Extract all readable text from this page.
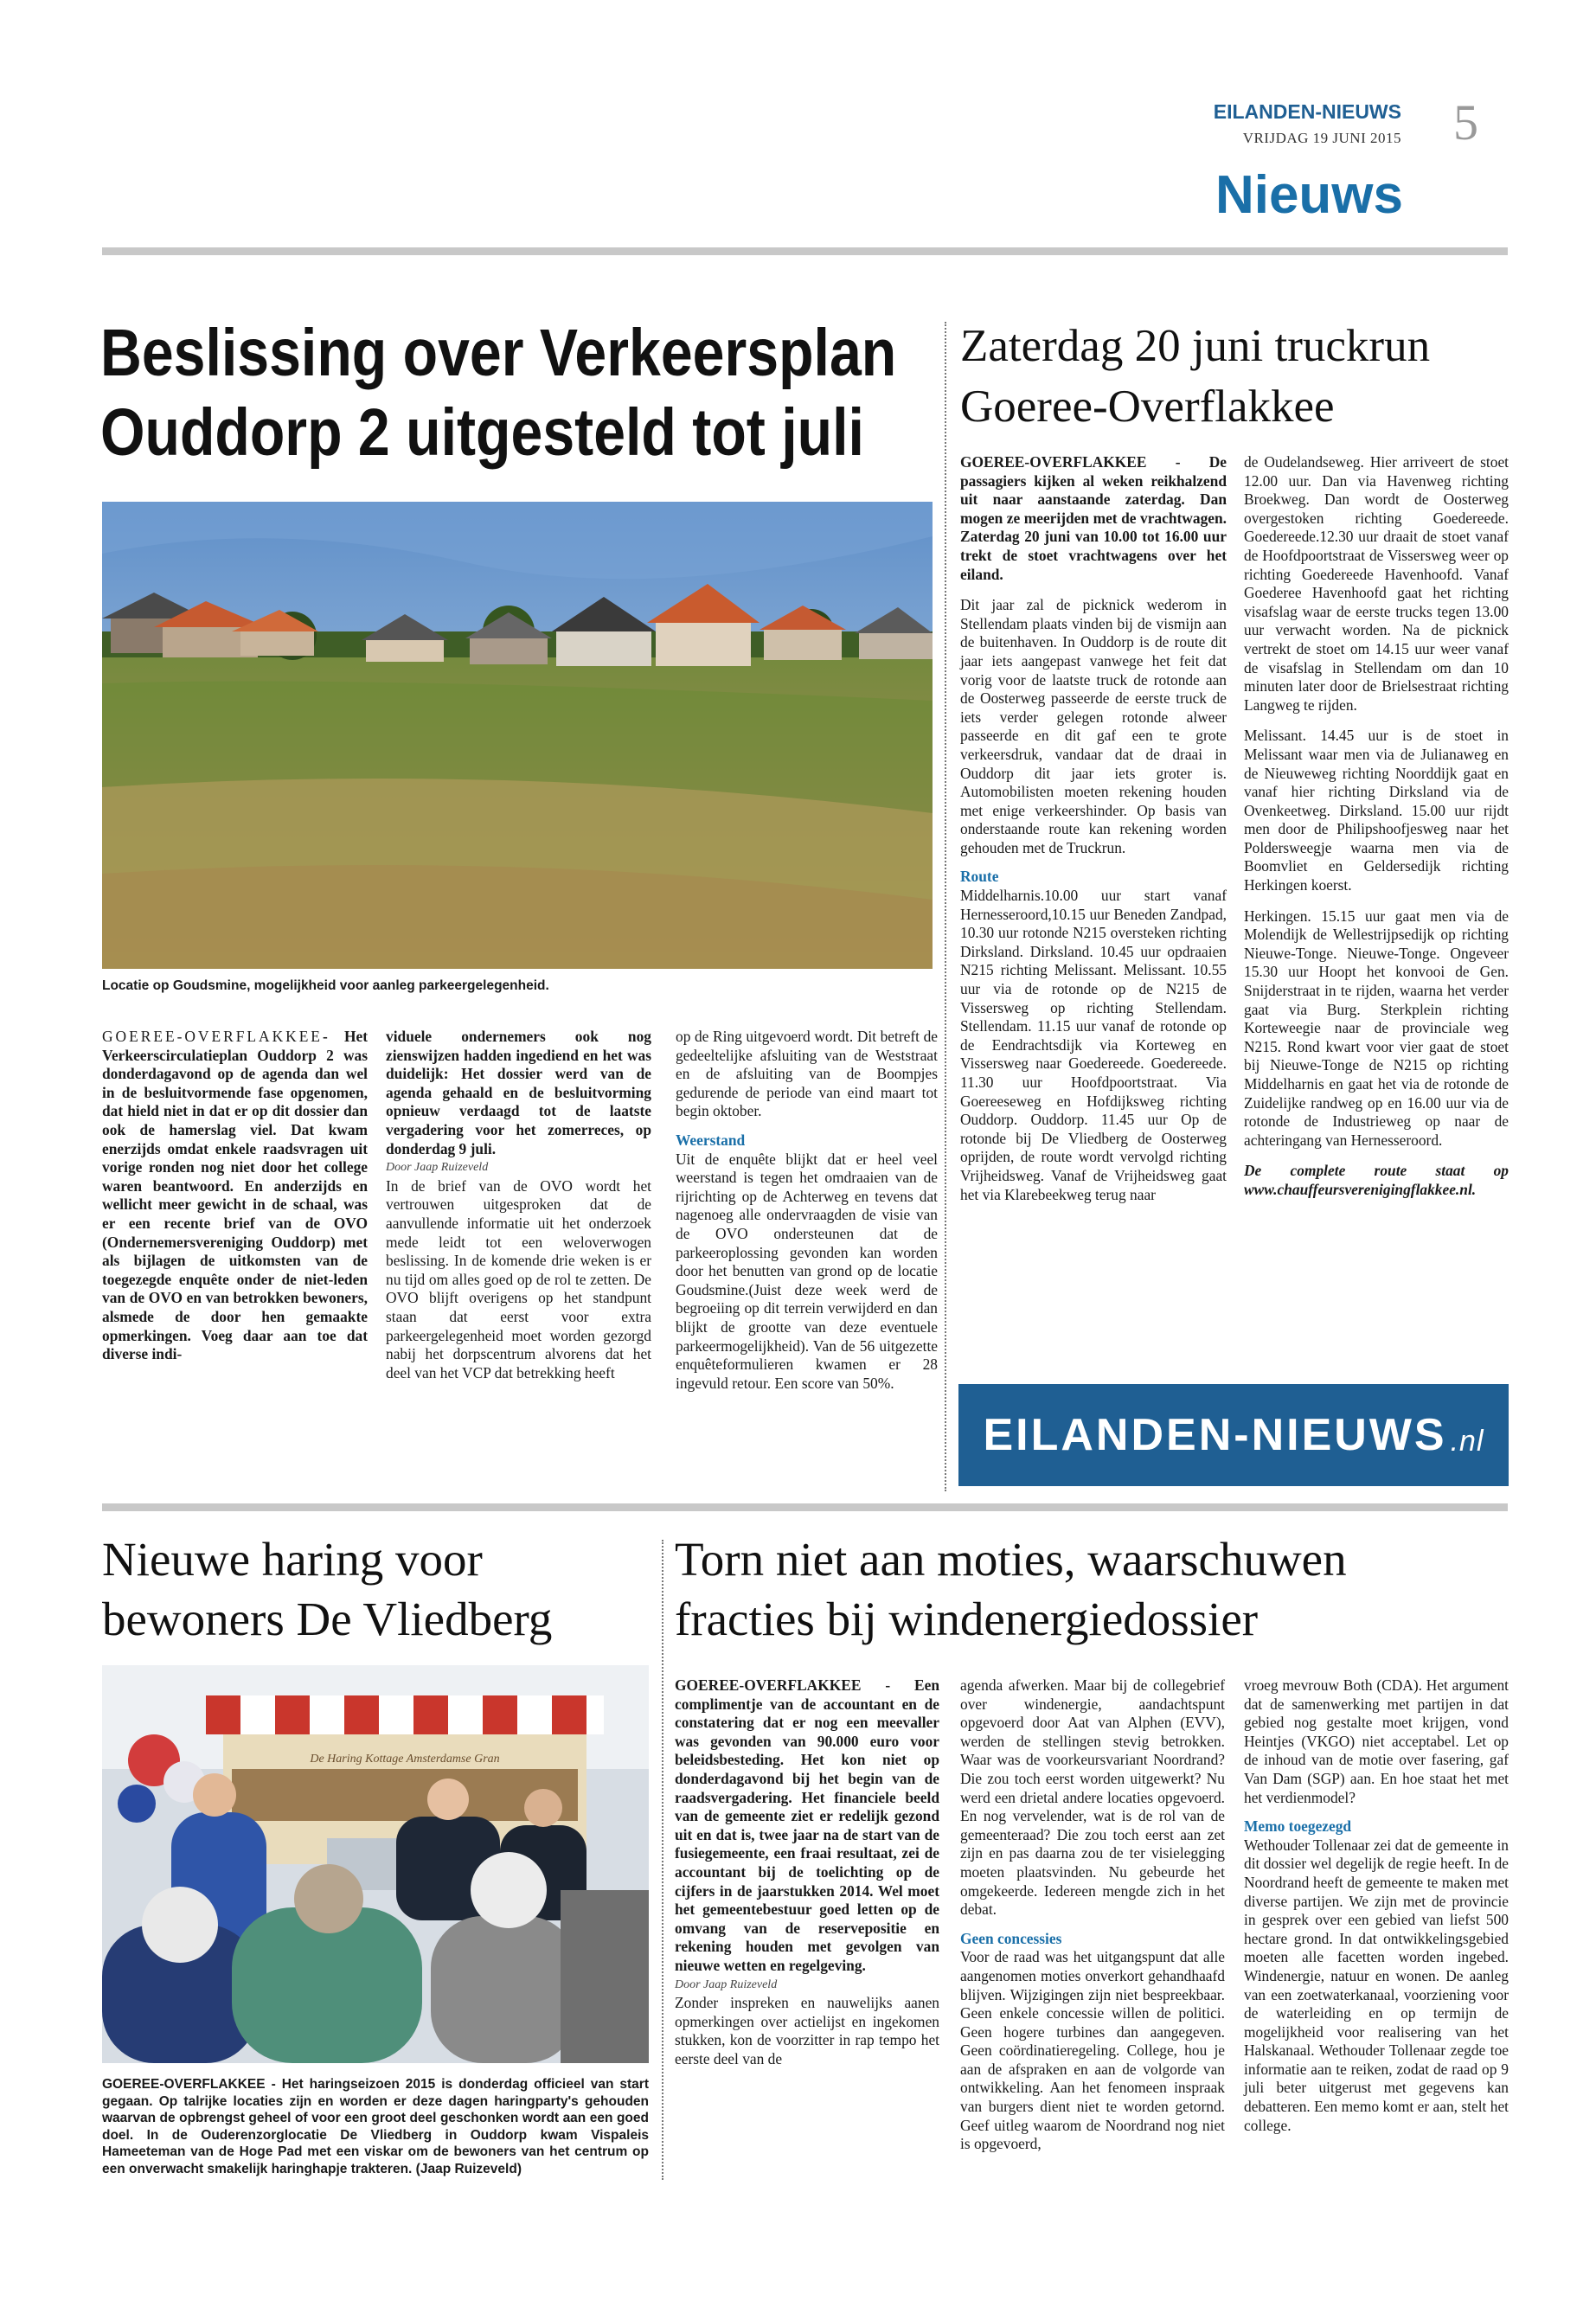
EILANDEN-NIEUWS
VRIJDAG 19 JUNI 2015 5
Nieuws
Beslissing over Verkeersplan
Ouddorp 2 uitgesteld tot juli
Locatie op Goudsmine, mogelijkheid voor aanleg parkeergelegenheid.

GOEREE-OVERFLAKKEE- Het Verkeerscirculatieplan Ouddorp 2 was donderdagavond op de agenda dan wel in de besluitvormende fase opgenomen, dat hield niet in dat er op dit dossier dan ook de hamerslag viel. Dat kwam enerzijds omdat enkele raadsvragen uit vorige ronden nog niet door het college waren beantwoord. En anderzijds en wellicht meer gewicht in de schaal, was er een recente brief van de OVO (Ondernemersvereniging Ouddorp) met als bijlagen de uitkomsten van de toegezegde enquête onder de niet-leden van de OVO en van betrokken bewoners, alsmede de door hen gemaakte opmerkingen. Voeg daar aan toe dat diverse indi-

viduele ondernemers ook nog zienswijzen hadden ingediend en het was duidelijk: Het dossier werd van de agenda gehaald en de besluitvorming opnieuw verdaagd tot de laatste vergadering voor het zomerreces, op donderdag 9 juli.

Door Jaap Ruizeveld

In de brief van de OVO wordt het vertrouwen uitgesproken dat de aanvullende informatie uit het onderzoek mede leidt tot een weloverwogen beslissing. In de komende drie weken is er nu tijd om alles goed op de rol te zetten. De OVO blijft overigens op het standpunt staan dat eerst voor extra parkeergelegenheid moet worden gezorgd nabij het dorpscentrum alvorens dat het deel van het VCP dat betrekking heeft

op de Ring uitgevoerd wordt. Dit betreft de gedeeltelijke afsluiting van de Weststraat en de afsluiting van de Boompjes gedurende de periode van eind maart tot begin oktober.

Weerstand

Uit de enquête blijkt dat er heel veel weerstand is tegen het omdraaien van de rijrichting op de Achterweg en tevens dat nagenoeg alle ondervraagden de visie van de OVO ondersteunen dat de parkeeroplossing gevonden kan worden door het benutten van grond op de locatie Goudsmine.(Juist deze week werd de begroeiing op dit terrein verwijderd en dan blijkt de grootte van deze eventuele parkeermogelijkheid). Van de 56 uitgezette enquêteformulieren kwamen er 28 ingevuld retour. Een score van 50%.

Zaterdag 20 juni truckrun
Goeree-Overflakkee

GOEREE-OVERFLAKKEE - De passagiers kijken al weken reikhalzend uit naar aanstaande zaterdag. Dan mogen ze meerijden met de vrachtwagen. Zaterdag 20 juni van 10.00 tot 16.00 uur trekt de stoet vrachtwagens over het eiland.

Dit jaar zal de picknick wederom in Stellendam plaats vinden bij de vismijn aan de buitenhaven. In Ouddorp is de route dit jaar iets aangepast vanwege het feit dat vorig voor de laatste truck de rotonde aan de Oosterweg passeerde de eerste truck de iets verder gelegen rotonde alweer passeerde en dit gaf een te grote verkeersdruk, vandaar dat de draai in Ouddorp dit jaar iets groter is. Automobilisten moeten rekening houden met enige verkeershinder. Op basis van onderstaande route kan rekening worden gehouden met de Truckrun.

Route

Middelharnis.10.00 uur start vanaf Hernesseroord,10.15 uur Beneden Zandpad, 10.30 uur rotonde N215 oversteken richting Dirksland. Dirksland. 10.45 uur opdraaien N215 richting Melissant. Melissant. 10.55 uur via de rotonde op de N215 de Vissersweg op richting Stellendam. Stellendam. 11.15 uur vanaf de rotonde op de Eendrachtsdijk via Korteweg en Vissersweg naar Goedereede. Goedereede. 11.30 uur Hoofdpoortstraat. Via Goereeseweg en Hofdijksweg richting Ouddorp. Ouddorp. 11.45 uur Op de rotonde bij De Vliedberg de Oosterweg oprijden, de route wordt vervolgd richting Vrijheidsweg. Vanaf de Vrijheidsweg gaat het via Klarebeekweg terug naar

de Oudelandseweg. Hier arriveert de stoet 12.00 uur. Dan via Havenweg richting Broekweg. Dan wordt de Oosterweg overgestoken richting Goedereede. Goedereede.12.30 uur draait de stoet vanaf de Hoofdpoortstraat de Vissersweg weer op richting Goedereede Havenhoofd. Vanaf Goederee Havenhoofd gaat het richting visafslag waar de eerste trucks tegen 13.00 uur verwacht worden. Na de picknick vertrekt de stoet om 14.15 uur weer vanaf de visafslag in Stellendam om dan 10 minuten later door de Brielsestraat richting Langweg te rijden.

Melissant. 14.45 uur is de stoet in Melissant waar men via de Julianaweg en de Nieuweweg richting Noorddijk gaat en vanaf hier richting Dirksland via de Ovenkeetweg. Dirksland. 15.00 uur rijdt men door de Philipshoofjesweg naar het Poldersweegje waarna men via de Boomvliet en Geldersedijk richting Herkingen koerst.

Herkingen. 15.15 uur gaat men via de Molendijk de Wellestrijpsedijk op richting Nieuwe-Tonge. Nieuwe-Tonge. Ongeveer 15.30 uur Hoopt het konvooi de Gen. Snijderstraat in te rijden, waarna het verder gaat via Burg. Sterkplein richting Korteweegie naar de provinciale weg N215. Rond kwart voor vier gaat de stoet bij Nieuwe-Tonge de N215 op richting Middelharnis en gaat het via de rotonde de Zuidelijke randweg op en 16.00 uur via de rotonde de Industrieweg op naar de achteringang van Hernesseroord.

De complete route staat op www.chauffeursverenigingflakkee.nl.

EILANDEN-NIEUWS .nl
Nieuwe haring voor
bewoners De Vliedberg
De Haring Kottage Amsterdamse Gran
GOEREE-OVERFLAKKEE - Het haringseizoen 2015 is donderdag officieel van start gegaan. Op talrijke locaties zijn en worden er deze dagen haringparty's gehouden waarvan de opbrengst geheel of voor een groot deel geschonken wordt aan een goed doel. In de Ouderenzorglocatie De Vliedberg in Ouddorp kwam Vispaleis Hameeteman van de Hoge Pad met een viskar om de bewoners van het centrum op een onverwacht smakelijk haringhapje trakteren. (Jaap Ruizeveld)
Torn niet aan moties, waarschuwen
fracties bij windenergiedossier

GOEREE-OVERFLAKKEE - Een complimentje van de accountant en de constatering dat er nog een meevaller was gevonden van 90.000 euro voor beleidsbesteding. Het kon niet op donderdagavond bij het begin van de raadsvergadering. Het financiele beeld van de gemeente ziet er redelijk gezond uit en dat is, twee jaar na de start van de fusiegemeente, een fraai resultaat, zei de accountant bij de toelichting op de cijfers in de jaarstukken 2014. Wel moet het gemeentebestuur goed letten op de omvang van de reservepositie en rekening houden met gevolgen van nieuwe wetten en regelgeving.

Door Jaap Ruizeveld

Zonder inspreken en nauwelijks aanen opmerkingen over actielijst en ingekomen stukken, kon de voorzitter in rap tempo het eerste deel van de

agenda afwerken. Maar bij de collegebrief over windenergie, aandachtspunt opgevoerd door Aat van Alphen (EVV), werden de stellingen stevig betrokken. Waar was de voorkeursvariant Noordrand? Die zou toch eerst worden uitgewerkt? Nu werd een drietal andere locaties opgevoerd. En nog vervelender, wat is de rol van de gemeenteraad? Die zou toch eerst aan zet zijn en pas daarna zou de ter visielegging moeten plaatsvinden. Nu gebeurde het omgekeerde. Iedereen mengde zich in het debat.

Geen concessies

Voor de raad was het uitgangspunt dat alle aangenomen moties onverkort gehandhaafd blijven. Wijzigingen zijn niet bespreekbaar. Geen enkele concessie willen de politici. Geen hogere turbines dan aangegeven. Geen coördinatieregeling. College, hou je aan de afspraken en aan de volgorde van ontwikkeling. Aan het fenomeen inspraak van burgers dient niet te worden getornd. Geef uitleg waarom de Noordrand nog niet is opgevoerd,

vroeg mevrouw Both (CDA). Het argument dat de samenwerking met partijen in dat gebied nog gestalte moet krijgen, vond Heintjes (VKGO) niet acceptabel. Let op de inhoud van de motie over fasering, gaf Van Dam (SGP) aan. En hoe staat het met het verdienmodel?

Memo toegezegd

Wethouder Tollenaar zei dat de gemeente in dit dossier wel degelijk de regie heeft. In de Noordrand heeft de gemeente te maken met diverse partijen. We zijn met de provincie in gesprek over een gebied van liefst 500 hectare grond. In dat ontwikkelingsgebied moeten alle facetten worden ingebed. Windenergie, natuur en wonen. De aanleg van een zoetwaterkanaal, voorziening voor de waterleiding en op termijn de mogelijkheid voor realisering van het Halskanaal. Wethouder Tollenaar zegde toe informatie aan te reiken, zodat de raad op 9 juli beter uitgerust met gegevens kan debatteren. Een memo komt er aan, stelt het college.
